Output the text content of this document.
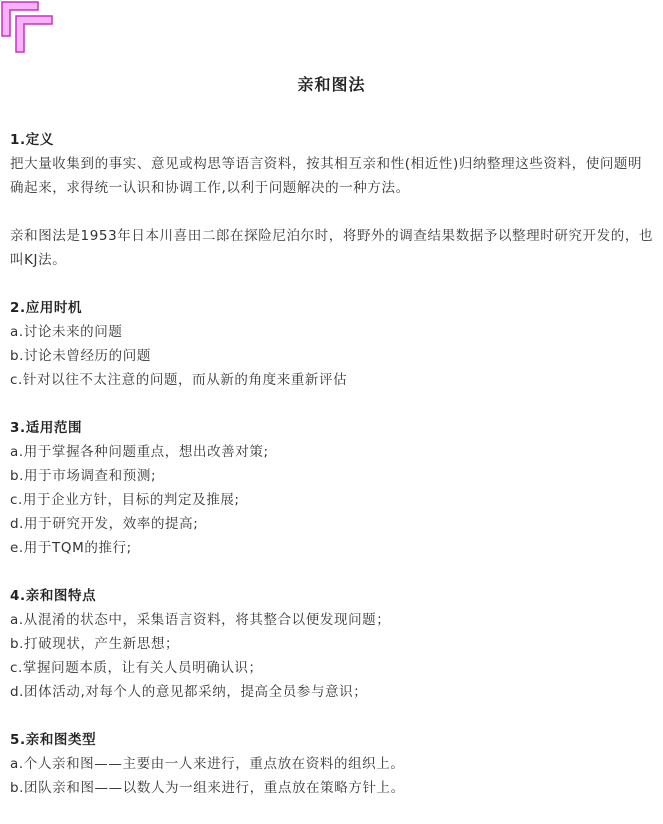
亲和图法
1.定义
把大量收集到的事实、意见或构思等语言资料，按其相互亲和性(相近性)归纳整理这些资料，使问题明确起来，求得统一认识和协调工作,以利于问题解决的一种方法。
亲和图法是1953年日本川喜田二郎在探险尼泊尔时，将野外的调查结果数据予以整理时研究开发的，也叫KJ法。
2.应用时机
a.讨论未来的问题
b.讨论未曾经历的问题
c.针对以往不太注意的问题，而从新的角度来重新评估
3.适用范围
a.用于掌握各种问题重点，想出改善对策;
b.用于市场调查和预测;
c.用于企业方针，目标的判定及推展;
d.用于研究开发，效率的提高;
e.用于TQM的推行;
4.亲和图特点
a.从混淆的状态中，采集语言资料，将其整合以便发现问题；
b.打破现状，产生新思想；
c.掌握问题本质，让有关人员明确认识；
d.团体活动,对每个人的意见都采纳，提高全员参与意识；
5.亲和图类型
a.个人亲和图——主要由一人来进行，重点放在资料的组织上。
b.团队亲和图——以数人为一组来进行，重点放在策略方针上。
